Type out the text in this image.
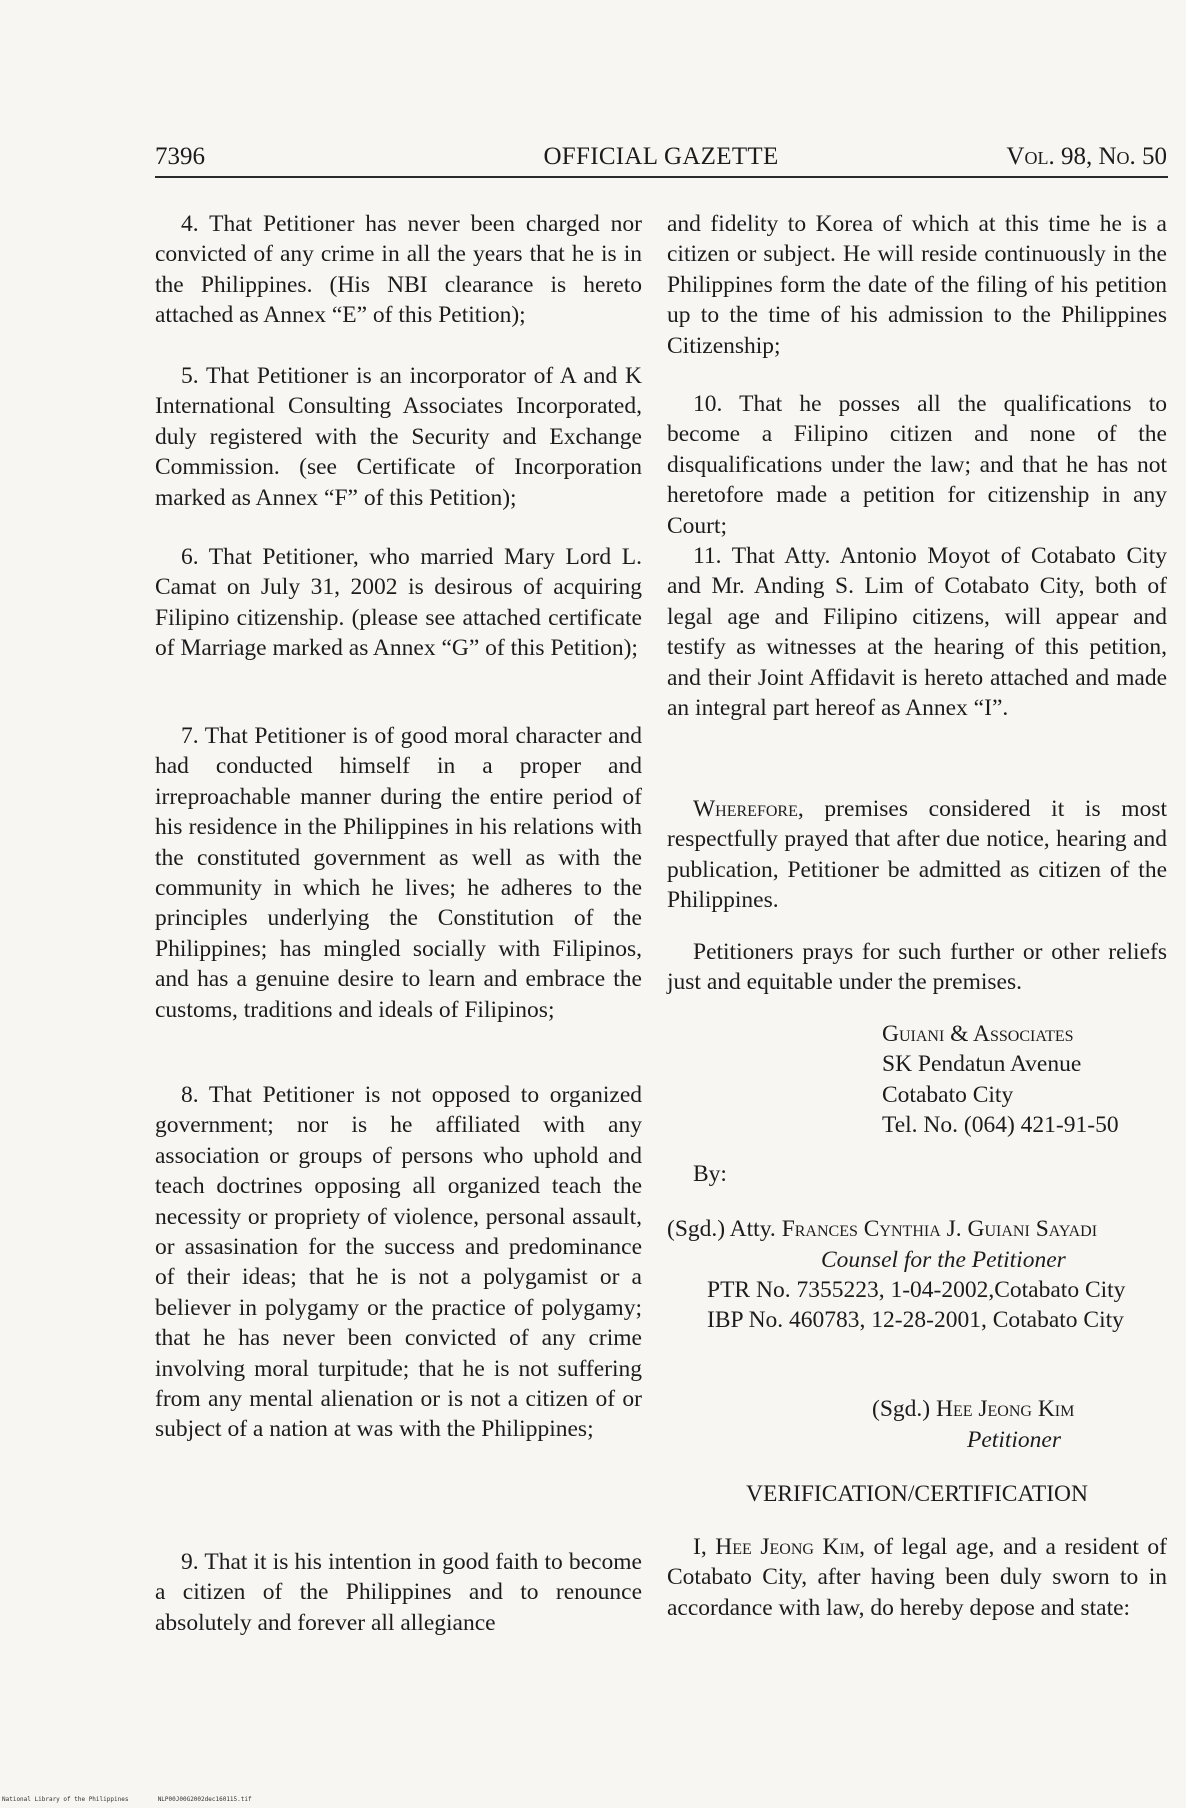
7396	OFFICIAL GAZETTE	Vol. 98, No. 50

4. That Petitioner has never been charged nor convicted of any crime in all the years that he is in the Philippines. (His NBI clearance is hereto attached as Annex “E” of this Petition);

5. That Petitioner is an incorporator of A and K International Consulting Associates Incorporated, duly registered with the Security and Exchange Commission. (see Certificate of Incorporation marked as Annex “F” of this Petition);

6. That Petitioner, who married Mary Lord L. Camat on July 31, 2002 is desirous of acquiring Filipino citizenship. (please see attached certificate of Marriage marked as Annex “G” of this Petition);

7. That Petitioner is of good moral character and had conducted himself in a proper and irreproachable manner during the entire period of his residence in the Philippines in his relations with the constituted government as well as with the community in which he lives; he adheres to the principles underlying the Constitution of the Philippines; has mingled socially with Filipinos, and has a genuine desire to learn and embrace the customs, traditions and ideals of Filipinos;

8. That Petitioner is not opposed to organized government; nor is he affiliated with any association or groups of persons who uphold and teach doctrines opposing all organized teach the necessity or propriety of violence, personal assault, or assasination for the success and predominance of their ideas; that he is not a polygamist or a believer in polygamy or the practice of polygamy; that he has never been convicted of any crime involving moral turpitude; that he is not suffering from any mental alienation or is not a citizen of or subject of a nation at was with the Philippines;

9. That it is his intention in good faith to become a citizen of the Philippines and to renounce absolutely and forever all allegiance

and fidelity to Korea of which at this time he is a citizen or subject. He will reside continuously in the Philippines form the date of the filing of his petition up to the time of his admission to the Philippines Citizenship;

10. That he posses all the qualifications to become a Filipino citizen and none of the disqualifications under the law; and that he has not heretofore made a petition for citizenship in any Court;

11. That Atty. Antonio Moyot of Cotabato City and Mr. Anding S. Lim of Cotabato City, both of legal age and Filipino citizens, will appear and testify as witnesses at the hearing of this petition, and their Joint Affidavit is hereto attached and made an integral part hereof as Annex “I”.

Wherefore, premises considered it is most respectfully prayed that after due notice, hearing and publication, Petitioner be admitted as citizen of the Philippines.

Petitioners prays for such further or other reliefs just and equitable under the premises.

Guiani & Associates
SK Pendatun Avenue
Cotabato City
Tel. No. (064) 421-91-50
By:
(Sgd.) Atty. Frances Cynthia J. Guiani Sayadi
Counsel for the Petitioner
PTR No. 7355223, 1-04-2002,Cotabato City
IBP No. 460783, 12-28-2001, Cotabato City
(Sgd.) Hee Jeong Kim
Petitioner
VERIFICATION/CERTIFICATION

I, Hee Jeong Kim, of legal age, and a resident of Cotabato City, after having been duly sworn to in accordance with law, do hereby depose and state:

National Library of the Philippines	NLP00J00G2002dec160115.tif
